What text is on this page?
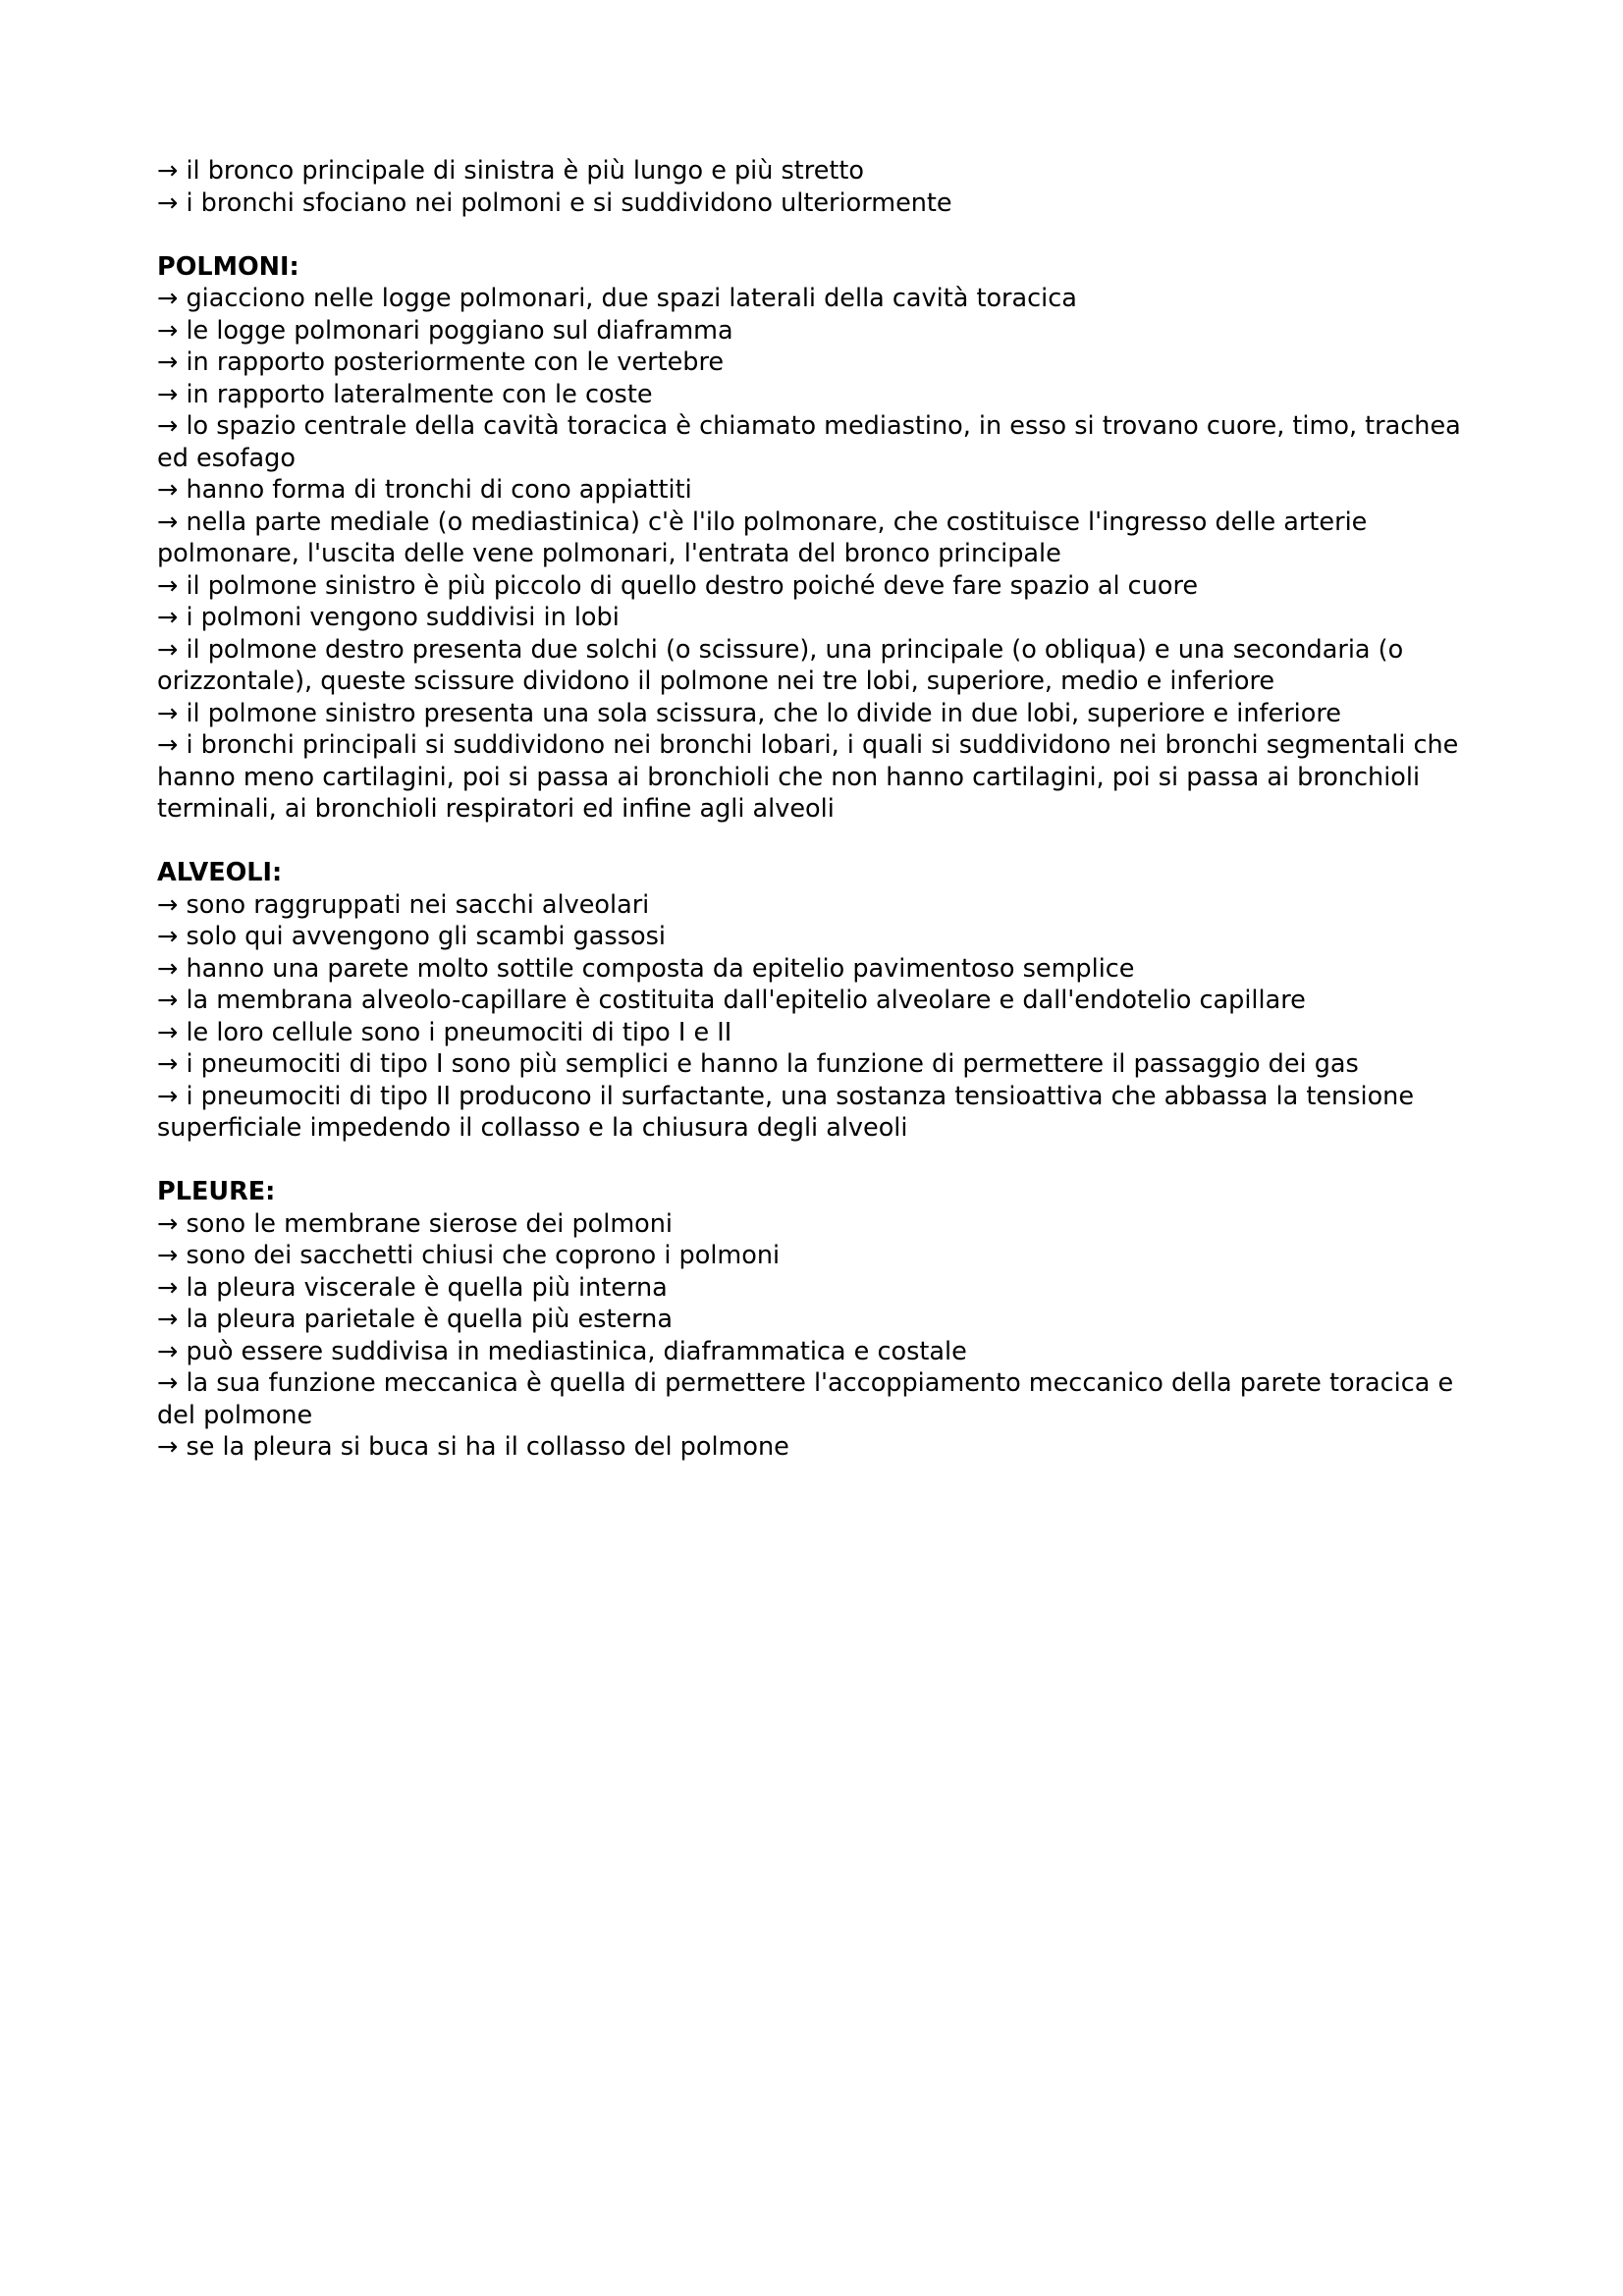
→ il bronco principale di sinistra è più lungo e più stretto

→ i bronchi sfociano nei polmoni e si suddividono ulteriormente

POLMONI:

→ giacciono nelle logge polmonari, due spazi laterali della cavità toracica

→ le logge polmonari poggiano sul diaframma

→ in rapporto posteriormente con le vertebre

→ in rapporto lateralmente con le coste

→ lo spazio centrale della cavità toracica è chiamato mediastino, in esso si trovano cuore, timo, trachea ed esofago

→ hanno forma di tronchi di cono appiattiti

→ nella parte mediale (o mediastinica) c'è l'ilo polmonare, che costituisce l'ingresso delle arterie polmonare, l'uscita delle vene polmonari, l'entrata del bronco principale

→ il polmone sinistro è più piccolo di quello destro poiché deve fare spazio al cuore

→ i polmoni vengono suddivisi in lobi

→ il polmone destro presenta due solchi (o scissure), una principale (o obliqua) e una secondaria (o orizzontale), queste scissure dividono il polmone nei tre lobi, superiore, medio e inferiore

→ il polmone sinistro presenta una sola scissura, che lo divide in due lobi, superiore e inferiore

→ i bronchi principali si suddividono nei bronchi lobari, i quali si suddividono nei bronchi segmentali che hanno meno cartilagini, poi si passa ai bronchioli che non hanno cartilagini, poi si passa ai bronchioli terminali, ai bronchioli respiratori ed infine agli alveoli

ALVEOLI:

→ sono raggruppati nei sacchi alveolari

→ solo qui avvengono gli scambi gassosi

→ hanno una parete molto sottile composta da epitelio pavimentoso semplice

→ la membrana alveolo-capillare è costituita dall'epitelio alveolare e dall'endotelio capillare

→ le loro cellule sono i pneumociti di tipo I e II

→ i pneumociti di tipo I sono più semplici e hanno la funzione di permettere il passaggio dei gas

→ i pneumociti di tipo II producono il surfactante, una sostanza tensioattiva che abbassa la tensione superficiale impedendo il collasso e la chiusura degli alveoli

PLEURE:

→ sono le membrane sierose dei polmoni

→ sono dei sacchetti chiusi che coprono i polmoni

→ la pleura viscerale è quella più interna

→ la pleura parietale è quella più esterna

→ può essere suddivisa in mediastinica, diaframmatica e costale

→ la sua funzione meccanica è quella di permettere l'accoppiamento meccanico della parete toracica e del polmone

→ se la pleura si buca si ha il collasso del polmone
